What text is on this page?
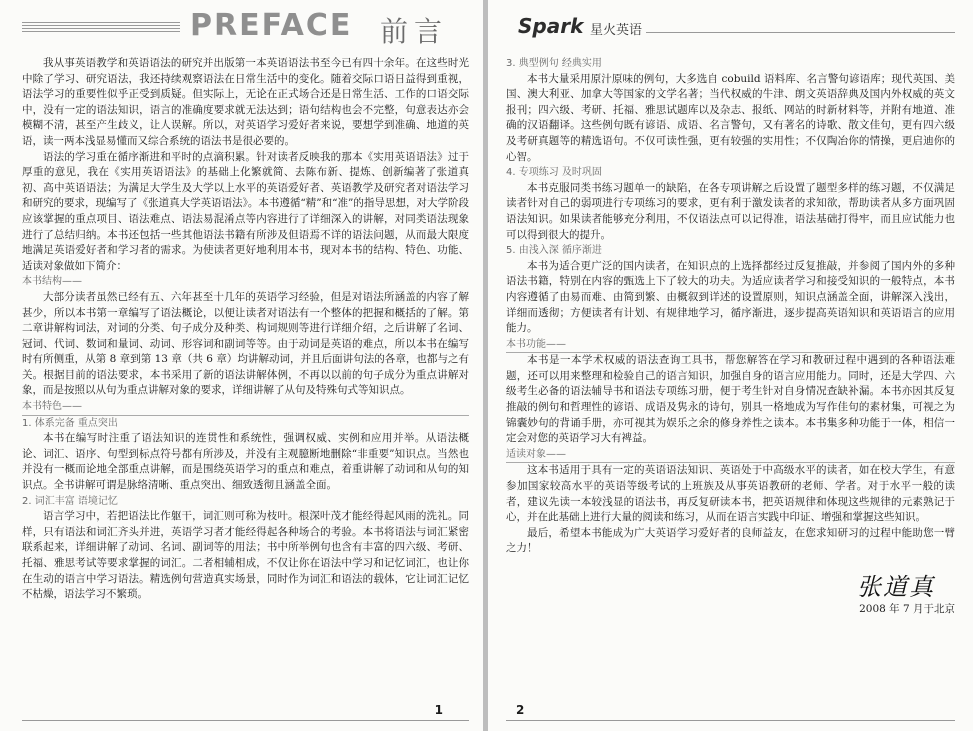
PREFACE 前言

我从事英语教学和英语语法的研究并出版第一本英语语法书至今已有四十余年。在这些时光中除了学习、研究语法，我还持续观察语法在日常生活中的变化。随着交际口语日益得到重视，语法学习的重要性似乎正受到质疑。但实际上，无论在正式场合还是日常生活、工作的口语交际中，没有一定的语法知识，语言的准确度要求就无法达到；语句结构也会不完整，句意表达亦会模糊不清，甚至产生歧义，让人误解。所以，对英语学习爱好者来说，要想学到准确、地道的英语，读一两本浅显易懂而又综合系统的语法书是很必要的。

语法的学习重在循序渐进和平时的点滴积累。针对读者反映我的那本《实用英语语法》过于厚重的意见，我在《实用英语语法》的基础上化繁就简、去陈布新、提炼、创新编著了张道真初、高中英语语法；为满足大学生及大学以上水平的英语爱好者、英语教学及研究者对语法学习和研究的要求，现编写了《张道真大学英语语法》。本书遵循“精”和“准”的指导思想，对大学阶段应该掌握的重点项目、语法难点、语法易混淆点等内容进行了详细深入的讲解，对同类语法现象进行了总结归纳。本书还包括一些其他语法书籍有所涉及但语焉不详的语法问题，从而最大限度地满足英语爱好者和学习者的需求。为使读者更好地利用本书，现对本书的结构、特色、功能、适读对象做如下简介：

本书结构——

大部分读者虽然已经有五、六年甚至十几年的英语学习经验，但是对语法所涵盖的内容了解甚少，所以本书第一章编写了语法概论，以便让读者对语法有一个整体的把握和概括的了解。第二章讲解构词法，对词的分类、句子成分及种类、构词规则等进行详细介绍，之后讲解了名词、冠词、代词、数词和量词、动词、形容词和副词等等。由于动词是英语的难点，所以本书在编写时有所侧重，从第 8 章到第 13 章（共 6 章）均讲解动词，并且后面讲句法的各章，也都与之有关。根据目前的语法要求，本书采用了新的语法讲解体例，不再以以前的句子成分为重点讲解对象，而是按照以从句为重点讲解对象的要求，详细讲解了从句及特殊句式等知识点。

本书特色——

1. 体系完备 重点突出

本书在编写时注重了语法知识的连贯性和系统性，强调权威、实例和应用并举。从语法概论、词汇、语序、句型到标点符号都有所涉及，并没有主观臆断地删除“非重要”知识点。当然也并没有一概而论地全部重点讲解，而是围绕英语学习的重点和难点，着重讲解了动词和从句的知识点。全书讲解可谓是脉络清晰、重点突出、细致透彻且涵盖全面。

2. 词汇丰富 语境记忆

语言学习中，若把语法比作躯干，词汇则可称为枝叶。根深叶茂才能经得起风雨的洗礼。同样，只有语法和词汇齐头并进，英语学习者才能经得起各种场合的考验。本书将语法与词汇紧密联系起来，详细讲解了动词、名词、副词等的用法；书中所举例句也含有丰富的四六级、考研、托福、雅思考试等要求掌握的词汇。二者相辅相成，不仅让你在语法中学习和记忆词汇，也让你在生动的语言中学习语法。精选例句营造真实场景，同时作为词汇和语法的载体，它让词汇记忆不枯燥，语法学习不繁琐。

1
Spark 星火英语

3. 典型例句 经典实用

本书大量采用原汁原味的例句，大多选自 cobuild 语料库、名言警句谚语库；现代英国、美国、澳大利亚、加拿大等国家的文学名著；当代权威的牛津、朗文英语辞典及国内外权威的英文报刊；四六级、考研、托福、雅思试题库以及杂志、报纸、网站的时新材料等，并附有地道、准确的汉语翻译。这些例句既有谚语、成语、名言警句，又有著名的诗歌、散文佳句，更有四六级及考研真题等的精选语句。不仅可读性强，更有较强的实用性；不仅陶冶你的情操，更启迪你的心智。

4. 专项练习 及时巩固

本书克服同类书练习题单一的缺陷，在各专项讲解之后设置了题型多样的练习题，不仅满足读者针对自己的弱项进行专项练习的要求，更有利于激发读者的求知欲，帮助读者从多方面巩固语法知识。如果读者能够充分利用，不仅语法点可以记得准，语法基础打得牢，而且应试能力也可以得到很大的提升。

5. 由浅入深 循序渐进

本书为适合更广泛的国内读者，在知识点的上选择都经过反复推敲，并参阅了国内外的多种语法书籍，特别在内容的甄选上下了较大的功夫。为适应读者学习和接受知识的一般特点，本书内容遵循了由易而难、由简到繁、由概叙到详述的设置原则，知识点涵盖全面，讲解深入浅出，详细而透彻；方便读者有计划、有规律地学习，循序渐进，逐步提高英语知识和英语语言的应用能力。

本书功能——

本书是一本学术权威的语法查询工具书，帮您解答在学习和教研过程中遇到的各种语法难题，还可以用来整理和检验自己的语言知识，加强自身的语言应用能力。同时，还是大学四、六级考生必备的语法辅导书和语法专项练习册，便于考生针对自身情况查缺补漏。本书亦因其反复推敲的例句和哲理性的谚语、成语及隽永的诗句，别具一格地成为写作佳句的素材集，可视之为锦囊妙句的背诵手册，亦可视其为娱乐之余的修身养性之读本。本书集多种功能于一体，相信一定会对您的英语学习大有裨益。

适读对象——

这本书适用于具有一定的英语语法知识、英语处于中高级水平的读者，如在校大学生，有意参加国家较高水平的英语等级考试的上班族及从事英语教研的老师、学者。对于水平一般的读者，建议先读一本较浅显的语法书，再反复研读本书，把英语规律和体现这些规律的元素熟记于心，并在此基础上进行大量的阅读和练习，从而在语言实践中印证、增强和掌握这些知识。

最后，希望本书能成为广大英语学习爱好者的良师益友，在您求知研习的过程中能助您一臂之力！

张道真

2008 年 7 月于北京

2
